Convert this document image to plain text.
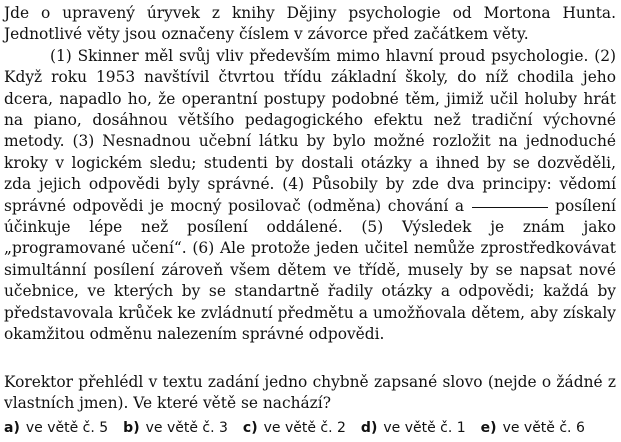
Jde o upravený úryvek z knihy Dějiny psychologie od Mortona Hunta. Jednotlivé věty jsou označeny číslem v závorce před začátkem věty.

(1) Skinner měl svůj vliv především mimo hlavní proud psychologie. (2) Když roku 1953 navštívil čtvrtou třídu základní školy, do níž chodila jeho dcera, napadlo ho, že operantní postupy podobné těm, jimiž učil holuby hrát na piano, dosáhnou většího pedagogického efektu než tradiční výchovné metody. (3) Nesnadnou učební látku by bylo možné rozložit na jednoduché kroky v logickém sledu; studenti by dostali otázky a ihned by se dozvěděli, zda jejich odpovědi byly správné. (4) Působily by zde dva principy: vědomí správné odpovědi je mocný posilovač (odměna) chování a	posílení účinkuje lépe než posílení oddálené. (5) Výsledek je znám jako „programované učení“. (6) Ale protože jeden učitel nemůže zprostředkovávat simultánní posílení zároveň všem dětem ve třídě, musely by se napsat nové učebnice, ve kterých by se standartně řadily otázky a odpovědi; každá by představovala krůček ke zvládnutí předmětu a umožňovala dětem, aby získaly okamžitou odměnu nalezením správné odpovědi.

Korektor přehlédl v textu zadání jedno chybně zapsané slovo (nejde o žádné z vlastních jmen). Ve které větě se nachází?

a) ve větě č. 5 b) ve větě č. 3 c) ve větě č. 2 d) ve větě č. 1 e) ve větě č. 6
